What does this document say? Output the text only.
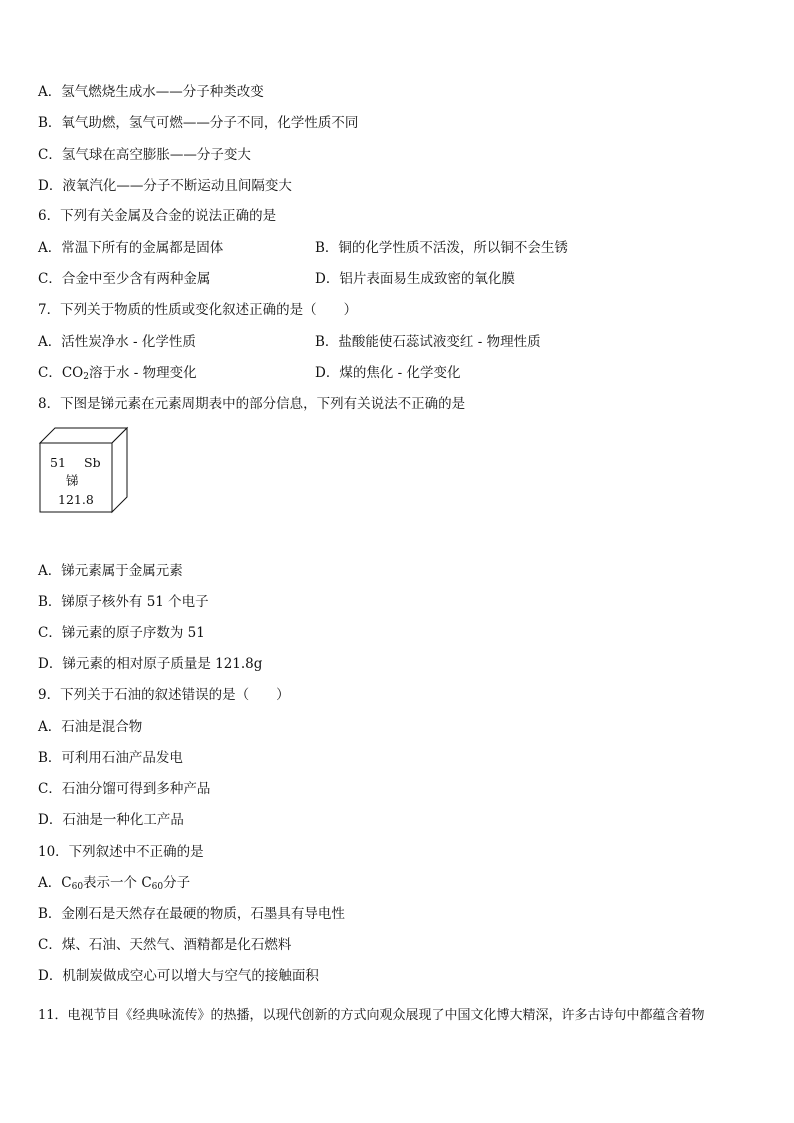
A．氢气燃烧生成水——分子种类改变
B．氧气助燃，氢气可燃——分子不同，化学性质不同
C．氢气球在高空膨胀——分子变大
D．液氧汽化——分子不断运动且间隔变大
6．下列有关金属及合金的说法正确的是
A．常温下所有的金属都是固体	B．铜的化学性质不活泼，所以铜不会生锈
C．合金中至少含有两种金属	D．铝片表面易生成致密的氧化膜
7．下列关于物质的性质或变化叙述正确的是（　　）
A．活性炭净水 - 化学性质	B．盐酸能使石蕊试液变红 - 物理性质
C．$CO_2$溶于水 - 物理变化	D．煤的焦化 - 化学变化
8．下图是锑元素在元素周期表中的部分信息，下列有关说法不正确的是
51 Sb
锑
121.8
A．锑元素属于金属元素
B．锑原子核外有 51 个电子
C．锑元素的原子序数为 51
D．锑元素的相对原子质量是 121.8g
9．下列关于石油的叙述错误的是（　　）
A．石油是混合物
B．可利用石油产品发电
C．石油分馏可得到多种产品
D．石油是一种化工产品
10．下列叙述中不正确的是
A．$C_{60}$表示一个 $C_{60}$分子
B．金刚石是天然存在最硬的物质，石墨具有导电性
C．煤、石油、天然气、酒精都是化石燃料
D．机制炭做成空心可以增大与空气的接触面积
11．电视节目《经典咏流传》的热播，以现代创新的方式向观众展现了中国文化博大精深，许多古诗句中都蕴含着物
